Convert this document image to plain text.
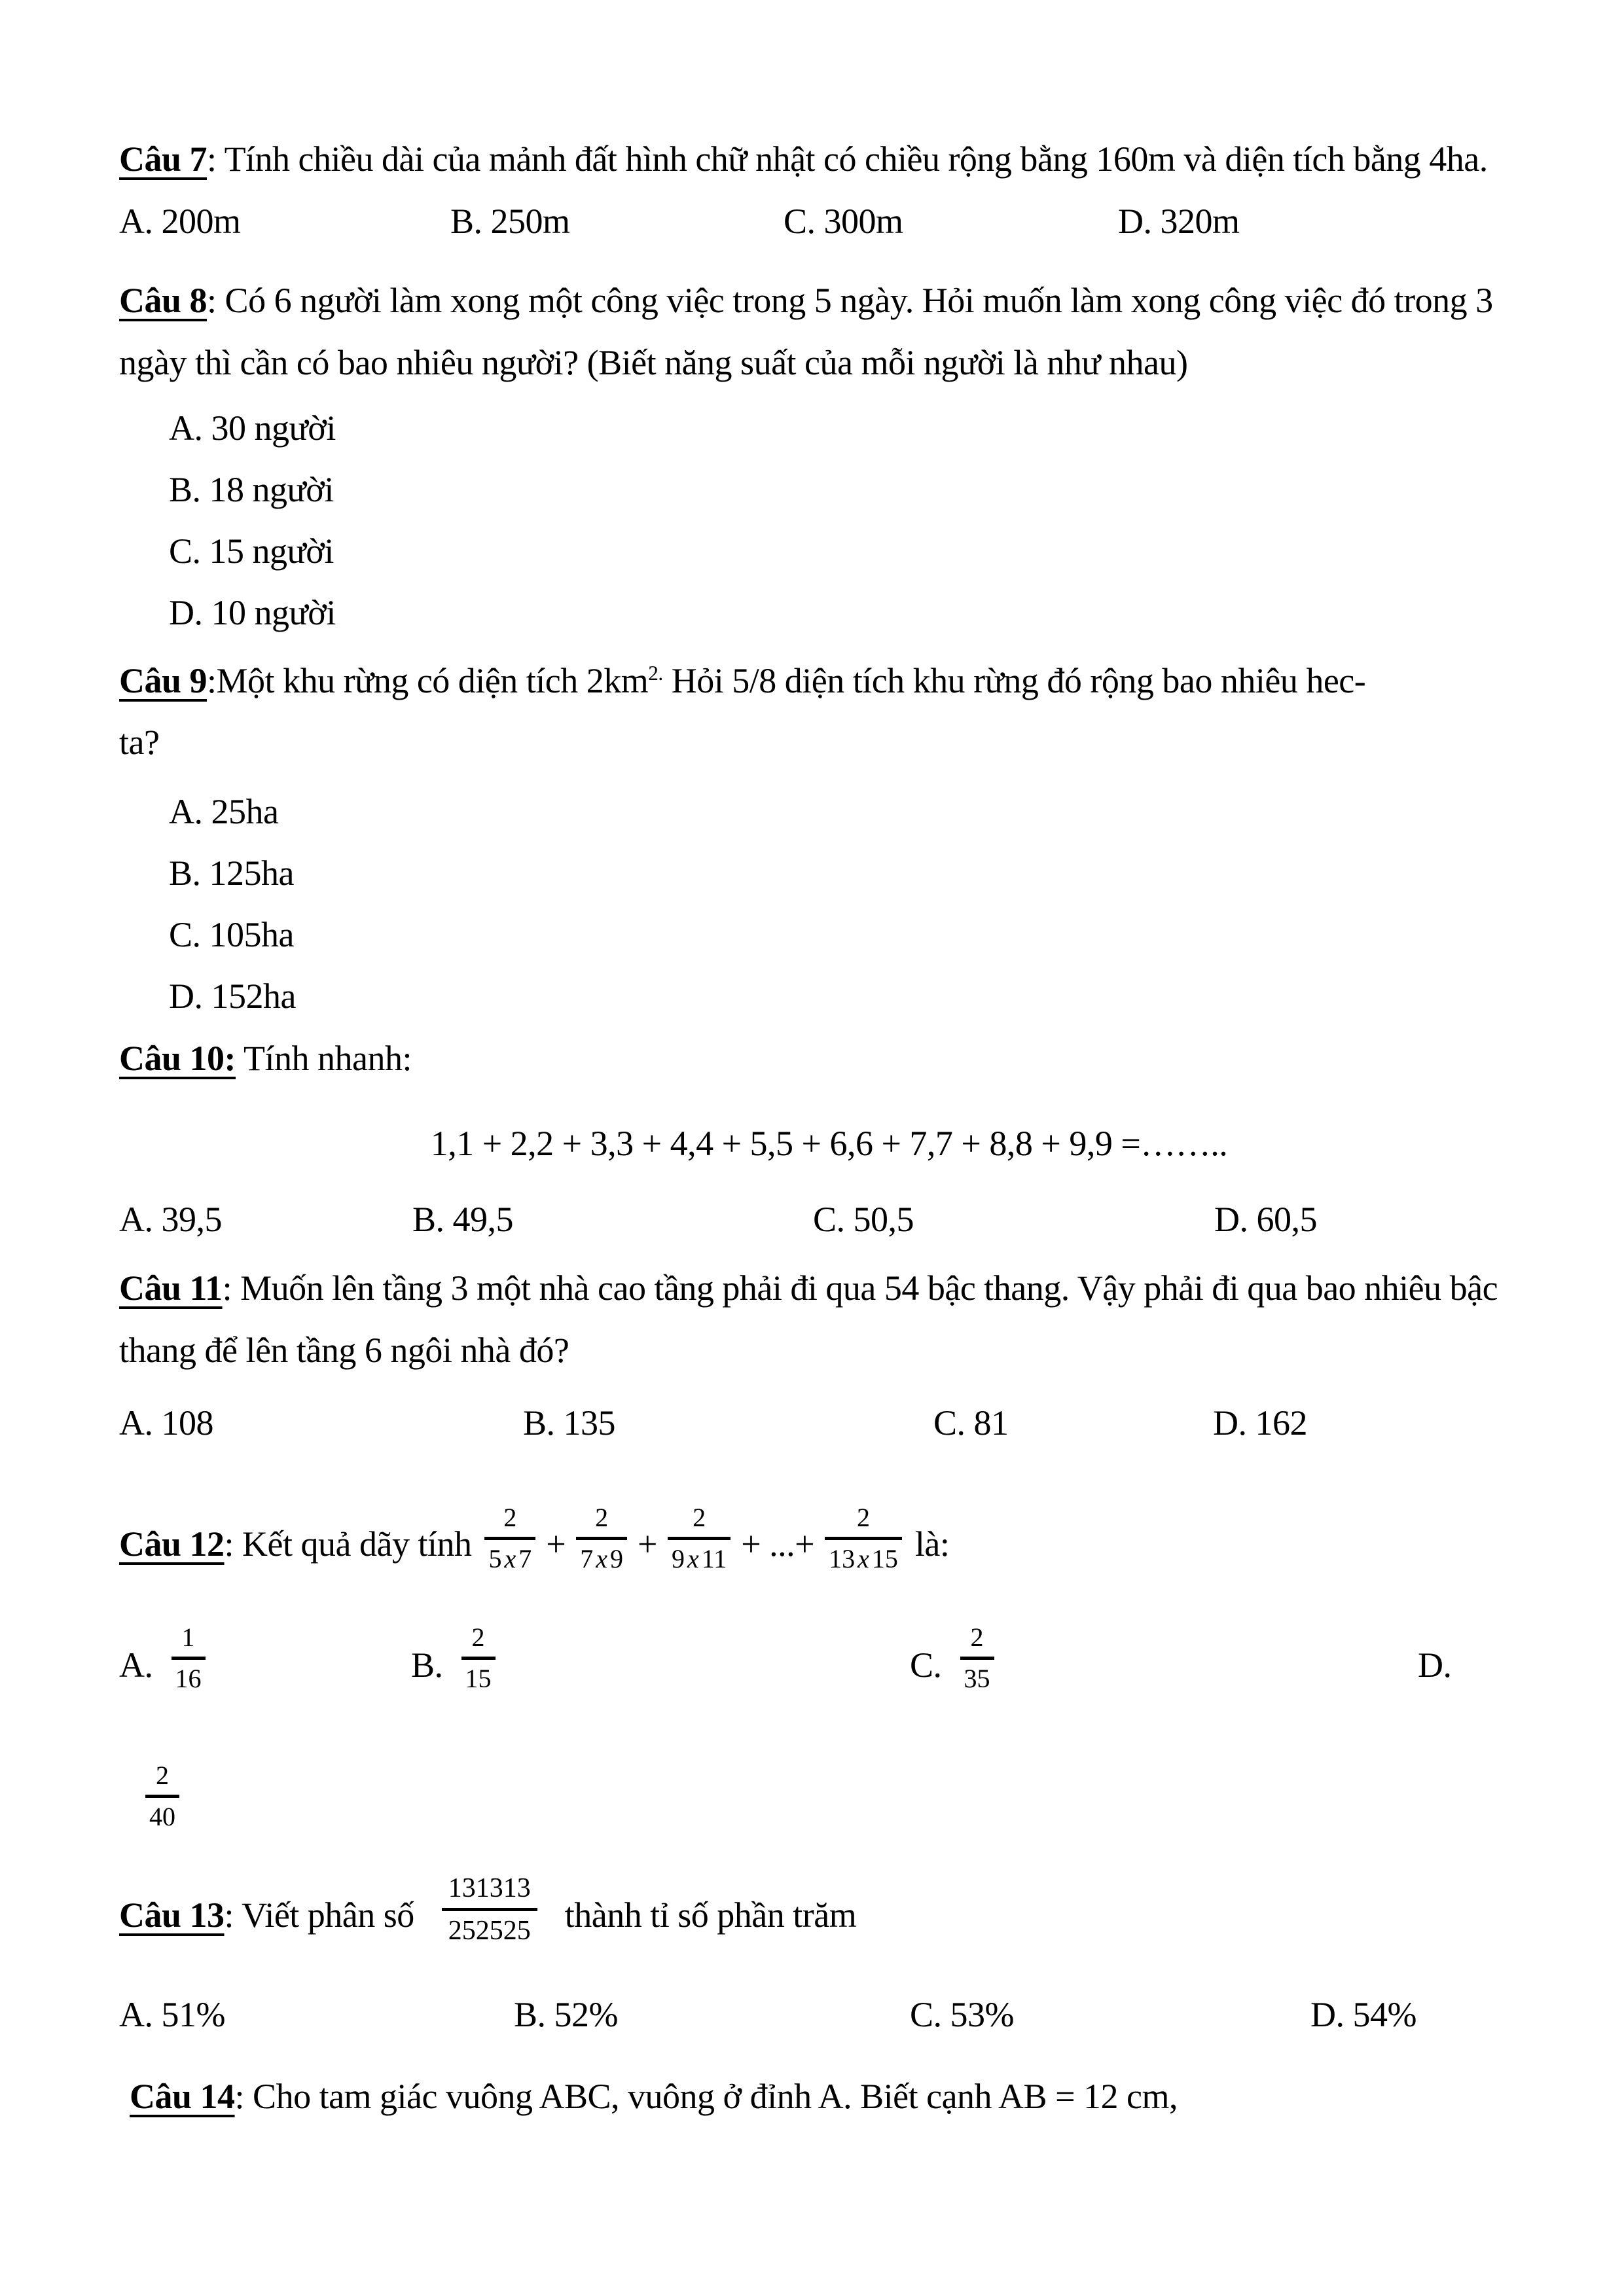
Câu 7: Tính chiều dài của mảnh đất hình chữ nhật có chiều rộng bằng 160m và diện tích bằng 4ha.

A. 200m	B. 250m	C. 300m	D. 320m

Câu 8: Có 6 người làm xong một công việc trong 5 ngày. Hỏi muốn làm xong công việc đó trong 3 ngày thì cần có bao nhiêu người? (Biết năng suất của mỗi người là như nhau)

A. 30 người
B. 18 người
C. 15 người
D. 10 người

Câu 9:Một khu rừng có diện tích $2km^{2.}$ Hỏi 5/8 diện tích khu rừng đó rộng bao nhiêu hec-
ta?

A. 25ha
B. 125ha
C. 105ha
D. 152ha

Câu 10: Tính nhanh:

1,1 + 2,2 + 3,3 + 4,4 + 5,5 + 6,6 + 7,7 + 8,8 + 9,9 =……..

A. 39,5	B. 49,5	C. 50,5	D. 60,5

Câu 11: Muốn lên tầng 3 một nhà cao tầng phải đi qua 54 bậc thang. Vậy phải đi qua bao nhiêu bậc thang để lên tầng 6 ngôi nhà đó?

A. 108	B. 135	C. 81	D. 162

Câu 12: Kết quả dãy tính $\frac{2}{5 x 7} + \frac{2}{7 x 9} + \frac{2}{9 x 11}$ + ...+ $\frac{2}{13 x 15}$ là:

A. $\frac{1}{16}$	B. $\frac{2}{15}$	C. $\frac{2}{35}$	D.
$\frac{2}{40}$

Câu 13: Viết phân số $\frac{131313}{252525}$ thành tỉ số phần trăm

A. 51%	B. 52%	C. 53%	D. 54%

Câu 14: Cho tam giác vuông ABC, vuông ở đỉnh A. Biết cạnh AB = 12 cm,
